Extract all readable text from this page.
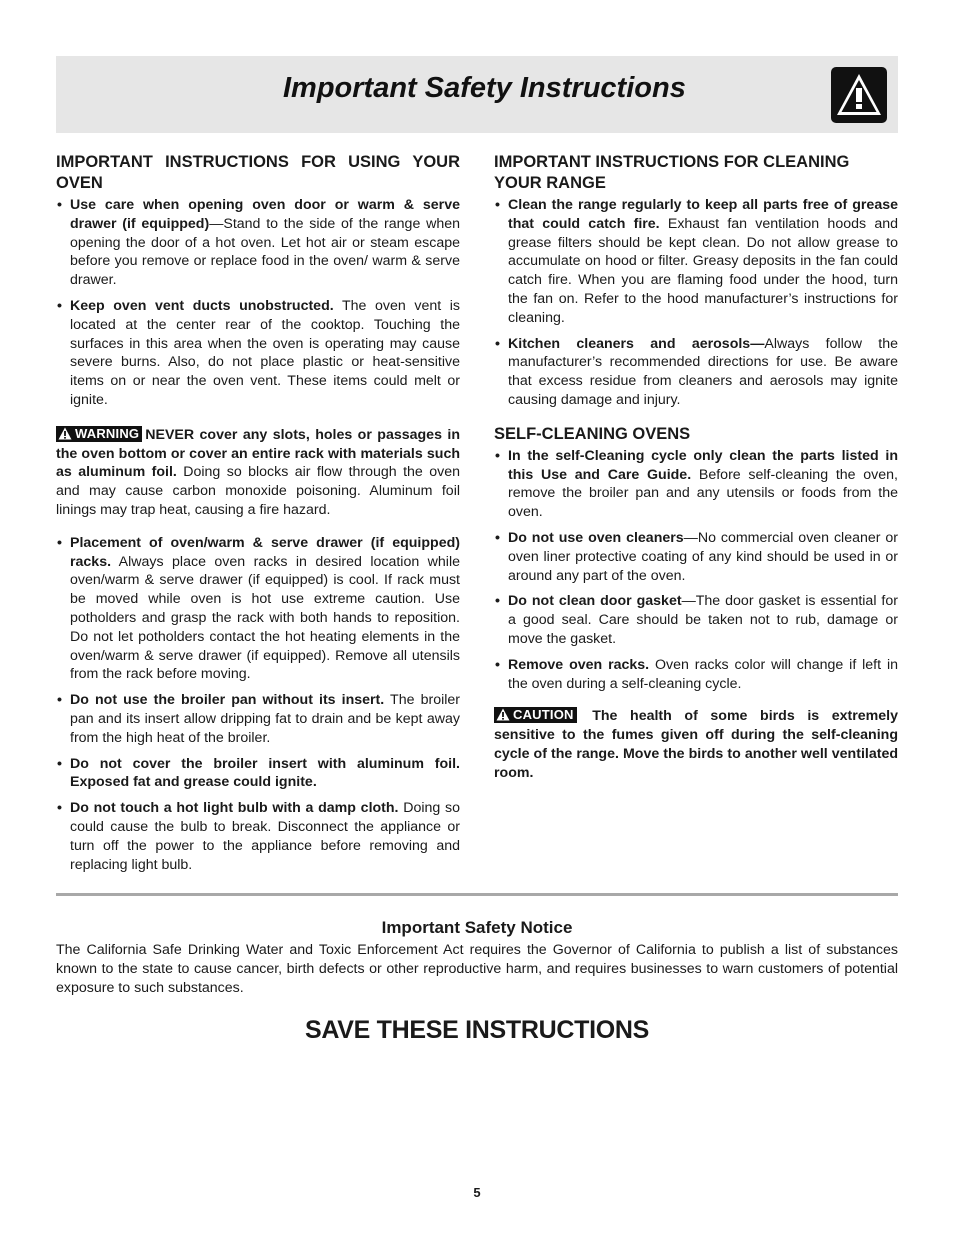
Important Safety Instructions
IMPORTANT INSTRUCTIONS FOR USING YOUR OVEN
• Use care when opening oven door or warm & serve drawer (if equipped)—Stand to the side of the range when opening the door of a hot oven. Let hot air or steam escape before you remove or replace food in the oven/ warm & serve drawer.
• Keep oven vent ducts unobstructed. The oven vent is located at the center rear of the cooktop. Touching the surfaces in this area when the oven is operating may cause severe burns. Also, do not place plastic or heat-sensitive items on or near the oven vent. These items could melt or ignite.
WARNING NEVER cover any slots, holes or passages in the oven bottom or cover an entire rack with materials such as aluminum foil. Doing so blocks air flow through the oven and may cause carbon monoxide poisoning. Aluminum foil linings may trap heat, causing a fire hazard.
• Placement of oven/warm & serve drawer (if equipped) racks. Always place oven racks in desired location while oven/warm & serve drawer (if equipped) is cool. If rack must be moved while oven is hot use extreme caution. Use potholders and grasp the rack with both hands to reposition. Do not let potholders contact the hot heating elements in the oven/warm & serve drawer (if equipped). Remove all utensils from the rack before moving.
• Do not use the broiler pan without its insert. The broiler pan and its insert allow dripping fat to drain and be kept away from the high heat of the broiler.
• Do not cover the broiler insert with aluminum foil. Exposed fat and grease could ignite.
• Do not touch a hot light bulb with a damp cloth. Doing so could cause the bulb to break. Disconnect the appliance or turn off the power to the appliance before removing and replacing light bulb.
IMPORTANT INSTRUCTIONS FOR CLEANING YOUR RANGE
• Clean the range regularly to keep all parts free of grease that could catch fire. Exhaust fan ventilation hoods and grease filters should be kept clean. Do not allow grease to accumulate on hood or filter. Greasy deposits in the fan could catch fire. When you are flaming food under the hood, turn the fan on. Refer to the hood manufacturer’s instructions for cleaning.
• Kitchen cleaners and aerosols—Always follow the manufacturer’s recommended directions for use. Be aware that excess residue from cleaners and aerosols may ignite causing damage and injury.
SELF-CLEANING OVENS
• In the self-Cleaning cycle only clean the parts listed in this Use and Care Guide. Before self-cleaning the oven, remove the broiler pan and any utensils or foods from the oven.
• Do not use oven cleaners—No commercial oven cleaner or oven liner protective coating of any kind should be used in or around any part of the oven.
• Do not clean door gasket—The door gasket is essential for a good seal. Care should be taken not to rub, damage or move the gasket.
• Remove oven racks. Oven racks color will change if left in the oven during a self-cleaning cycle.
CAUTION The health of some birds is extremely sensitive to the fumes given off during the self-cleaning cycle of the range. Move the birds to another well ventilated room.
Important Safety Notice
The California Safe Drinking Water and Toxic Enforcement Act requires the Governor of California to publish a list of substances known to the state to cause cancer, birth defects or other reproductive harm, and requires businesses to warn customers of potential exposure to such substances.
SAVE THESE INSTRUCTIONS
5
